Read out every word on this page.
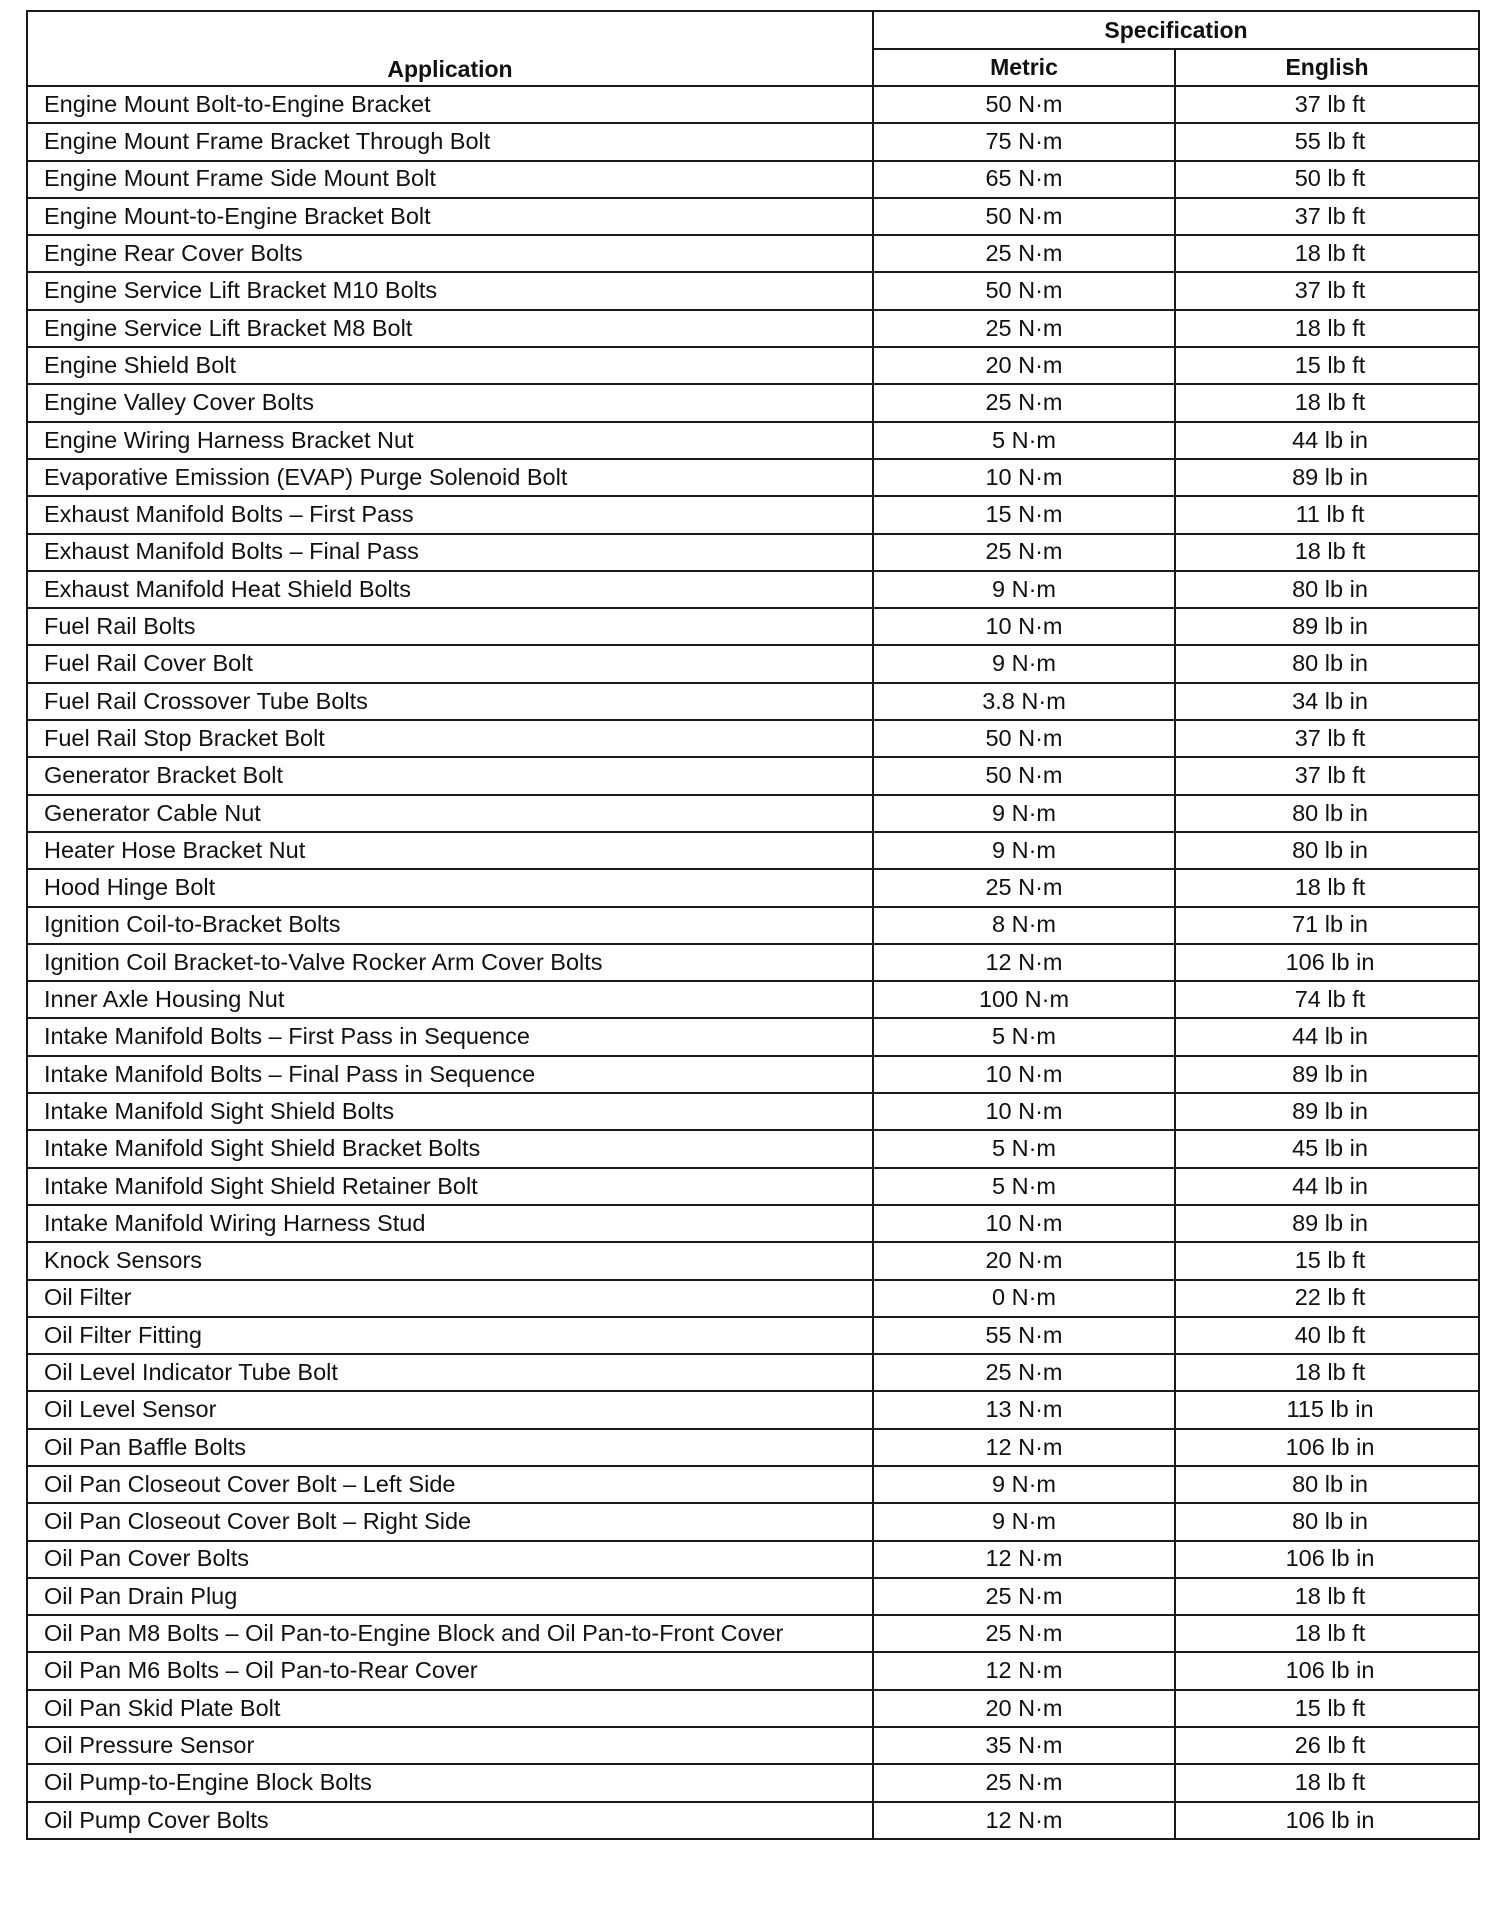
Application	Specification	
	Metric	English
Engine Mount Bolt-to-Engine Bracket	50 N·m	37 lb ft
Engine Mount Frame Bracket Through Bolt	75 N·m	55 lb ft
Engine Mount Frame Side Mount Bolt	65 N·m	50 lb ft
Engine Mount-to-Engine Bracket Bolt	50 N·m	37 lb ft
Engine Rear Cover Bolts	25 N·m	18 lb ft
Engine Service Lift Bracket M10 Bolts	50 N·m	37 lb ft
Engine Service Lift Bracket M8 Bolt	25 N·m	18 lb ft
Engine Shield Bolt	20 N·m	15 lb ft
Engine Valley Cover Bolts	25 N·m	18 lb ft
Engine Wiring Harness Bracket Nut	5 N·m	44 lb in
Evaporative Emission (EVAP) Purge Solenoid Bolt	10 N·m	89 lb in
Exhaust Manifold Bolts – First Pass	15 N·m	11 lb ft
Exhaust Manifold Bolts – Final Pass	25 N·m	18 lb ft
Exhaust Manifold Heat Shield Bolts	9 N·m	80 lb in
Fuel Rail Bolts	10 N·m	89 lb in
Fuel Rail Cover Bolt	9 N·m	80 lb in
Fuel Rail Crossover Tube Bolts	3.8 N·m	34 lb in
Fuel Rail Stop Bracket Bolt	50 N·m	37 lb ft
Generator Bracket Bolt	50 N·m	37 lb ft
Generator Cable Nut	9 N·m	80 lb in
Heater Hose Bracket Nut	9 N·m	80 lb in
Hood Hinge Bolt	25 N·m	18 lb ft
Ignition Coil-to-Bracket Bolts	8 N·m	71 lb in
Ignition Coil Bracket-to-Valve Rocker Arm Cover Bolts	12 N·m	106 lb in
Inner Axle Housing Nut	100 N·m	74 lb ft
Intake Manifold Bolts – First Pass in Sequence	5 N·m	44 lb in
Intake Manifold Bolts – Final Pass in Sequence	10 N·m	89 lb in
Intake Manifold Sight Shield Bolts	10 N·m	89 lb in
Intake Manifold Sight Shield Bracket Bolts	5 N·m	45 lb in
Intake Manifold Sight Shield Retainer Bolt	5 N·m	44 lb in
Intake Manifold Wiring Harness Stud	10 N·m	89 lb in
Knock Sensors	20 N·m	15 lb ft
Oil Filter	0 N·m	22 lb ft
Oil Filter Fitting	55 N·m	40 lb ft
Oil Level Indicator Tube Bolt	25 N·m	18 lb ft
Oil Level Sensor	13 N·m	115 lb in
Oil Pan Baffle Bolts	12 N·m	106 lb in
Oil Pan Closeout Cover Bolt – Left Side	9 N·m	80 lb in
Oil Pan Closeout Cover Bolt – Right Side	9 N·m	80 lb in
Oil Pan Cover Bolts	12 N·m	106 lb in
Oil Pan Drain Plug	25 N·m	18 lb ft
Oil Pan M8 Bolts – Oil Pan-to-Engine Block and Oil Pan-to-Front Cover	25 N·m	18 lb ft
Oil Pan M6 Bolts – Oil Pan-to-Rear Cover	12 N·m	106 lb in
Oil Pan Skid Plate Bolt	20 N·m	15 lb ft
Oil Pressure Sensor	35 N·m	26 lb ft
Oil Pump-to-Engine Block Bolts	25 N·m	18 lb ft
Oil Pump Cover Bolts	12 N·m	106 lb in
